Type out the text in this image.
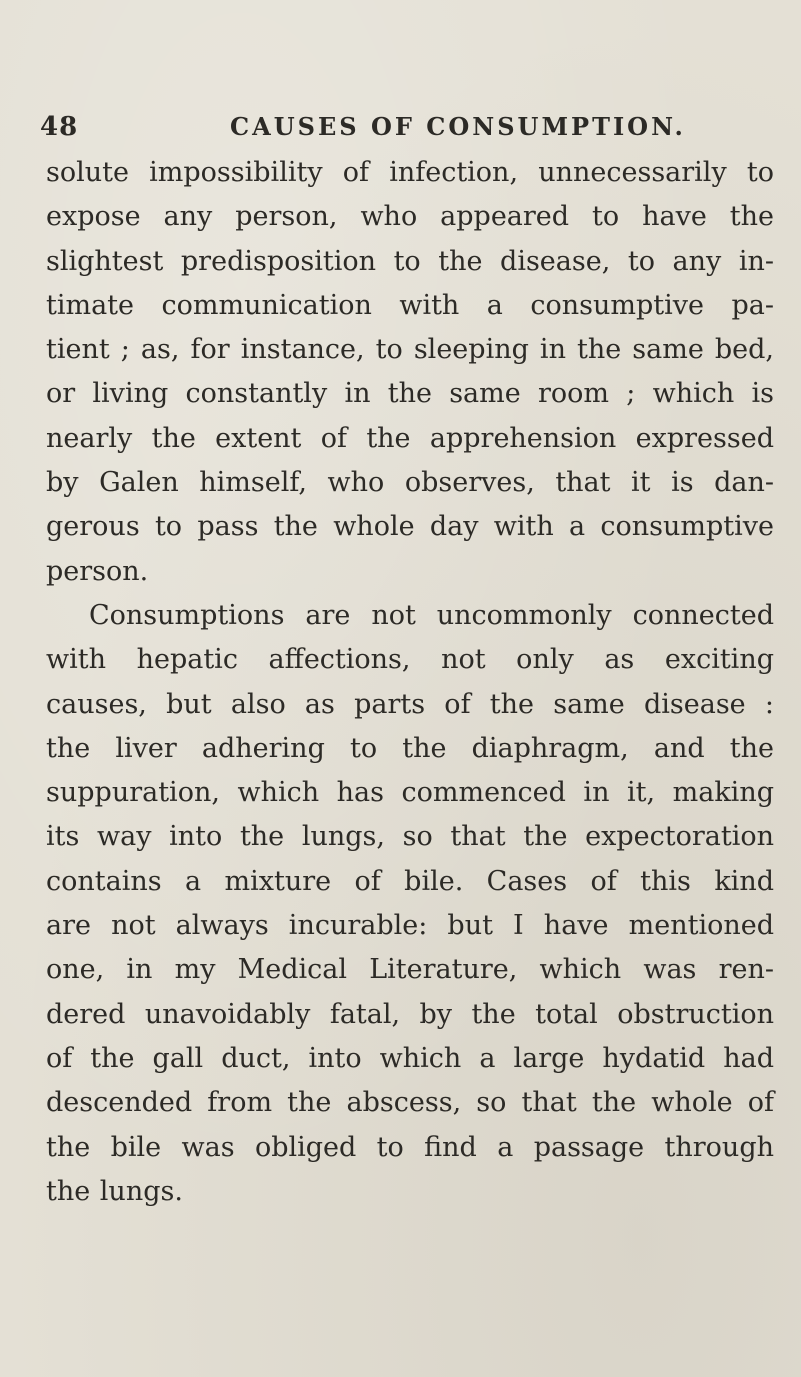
48	CAUSES OF CONSUMPTION.
solute impossibility of infection, unnecessarily to
expose any person, who appeared to have the
slightest predisposition to the disease, to any in-
timate communication with a consumptive pa-
tient ; as, for instance, to sleeping in the same bed,
or living constantly in the same room ; which is
nearly the extent of the apprehension expressed
by Galen himself, who observes, that it is dan-
gerous to pass the whole day with a consumptive
person.
Consumptions are not uncommonly connected
with hepatic affections, not only as exciting
causes, but also as parts of the same disease :
the liver adhering to the diaphragm, and the
suppuration, which has commenced in it, making
its way into the lungs, so that the expectoration
contains a mixture of bile. Cases of this kind
are not always incurable: but I have mentioned
one, in my Medical Literature, which was ren-
dered unavoidably fatal, by the total obstruction
of the gall duct, into which a large hydatid had
descended from the abscess, so that the whole of
the bile was obliged to find a passage through
the lungs.
